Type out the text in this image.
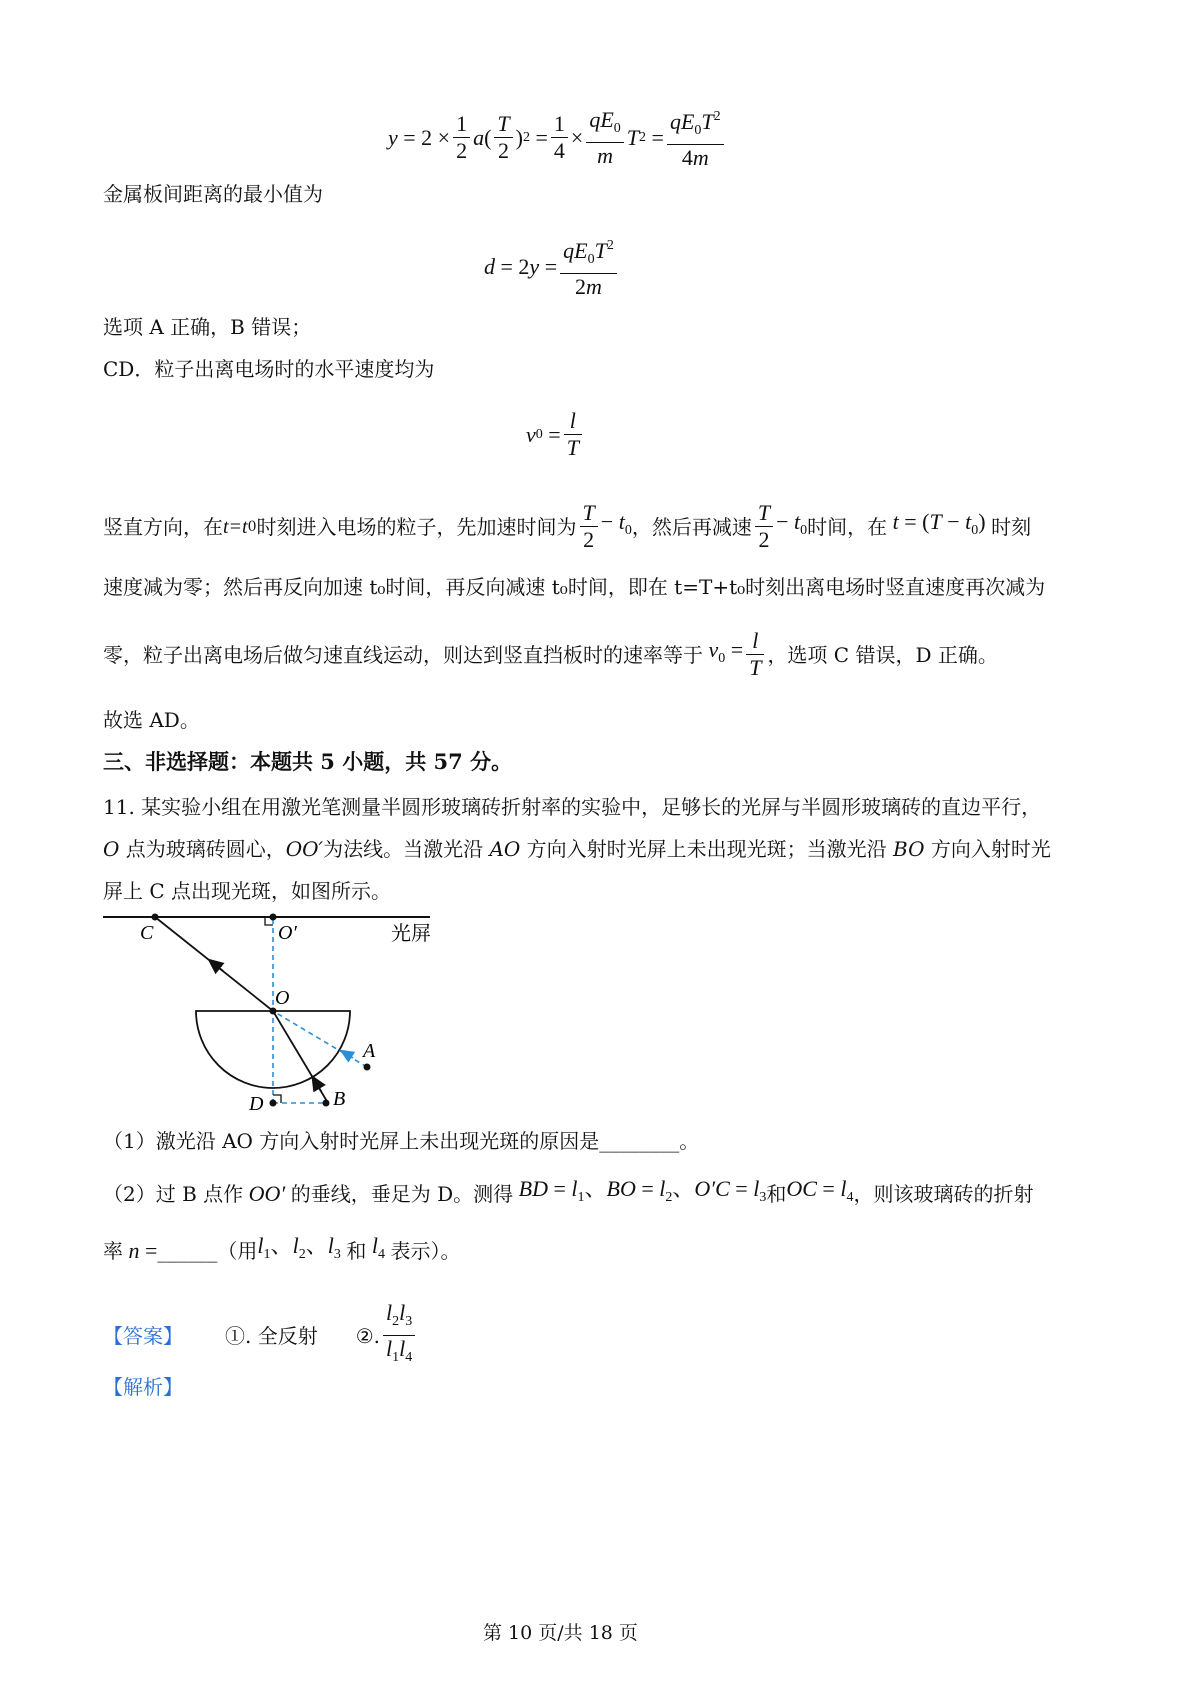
$y = 2 \times \frac{1}{2}$ a ( $\frac{T}{2}$ ) $2 = \frac{1}{4} \times \frac{qE_0}{m}$ T $2 = \frac{qE_0T^2}{4m}$
金属板间距离的最小值为
d = 2 $y = \frac{qE_0T^2}{2m}$
选项 A 正确，B 错误；
CD．粒子出离电场时的水平速度均为
v $0 = \frac{l}{T}$
竖直方向，在 t=t 0 时刻进入电场的粒子，先加速时间为 $\frac{T}{2} - t_0$ ，然后再减速 $\frac{T}{2} - t_0$ 时间，在 $t = (T - t_0)$ 时刻
速度减为零；然后再反向加速 t₀时间，再反向减速 t₀时间，即在 t=T+t₀时刻出离电场时竖直速度再次减为
零，粒子出离电场后做匀速直线运动，则达到竖直挡板时的速率等于 $v_0 = \frac{l}{T}$ ，选项 C 错误，D 正确。
故选 AD。
三、非选择题：本题共 5 小题，共 57 分。
11. 某实验小组在用激光笔测量半圆形玻璃砖折射率的实验中，足够长的光屏与半圆形玻璃砖的直边平行，
O 点为玻璃砖圆心，OO′为法线。当激光沿 AO 方向入射时光屏上未出现光斑；当激光沿 BO 方向入射时光
屏上 C 点出现光斑，如图所示。
C	O′	光屏
O
A
B
D
（1）激光沿 AO 方向入射时光屏上未出现光斑的原因是________。
（2）过 B 点作 OO′ 的垂线，垂足为 D。测得 BD = $l_1$、BO = $l_2$、$O'C = l_3$ 和 OC = $l_4$ ，则该玻璃砖的折射
率 n = ______（用 $l_1$、$l_2$、$l_3$ 和 $l_4$ 表示）。
【答案】 ①. 全反射 ②. $\frac{l_2l_3}{l_1l_4}$
【解析】
第 10 页/共 18 页
